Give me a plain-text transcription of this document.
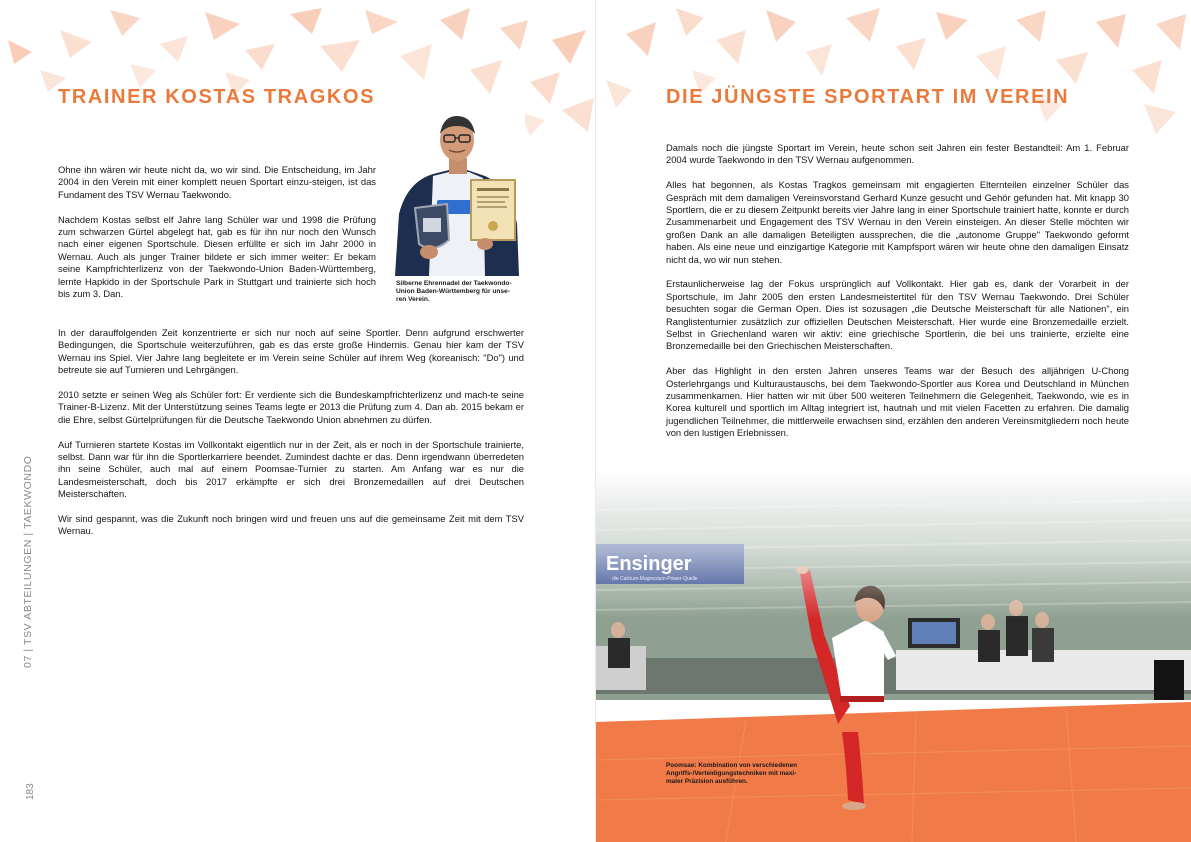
TRAINER KOSTAS TRAGKOS

Ohne ihn wären wir heute nicht da, wo wir sind. Die Entscheidung, im Jahr 2004 in den Verein mit einer komplett neuen Sportart einzu-steigen, ist das Fundament des TSV Wernau Taekwondo.

Nachdem Kostas selbst elf Jahre lang Schüler war und 1998 die Prüfung zum schwarzen Gürtel abgelegt hat, gab es für ihn nur noch den Wunsch nach einer eigenen Sportschule. Diesen erfüllte er sich im Jahr 2000 in Wernau. Auch als junger Trainer bildete er sich immer weiter: Er bekam seine Kampfrichterlizenz von der Taekwondo-Union Baden-Württemberg, lernte Hapkido in der Sportschule Park in Stuttgart und trainierte sich hoch bis zum 3. Dan.

Silberne Ehrennadel der Taekwondo-Union Baden-Württemberg für unse-ren Verein.

In der darauffolgenden Zeit konzentrierte er sich nur noch auf seine Sportler. Denn aufgrund erschwerter Bedingungen, die Sportschule weiterzuführen, gab es das erste große Hindernis. Genau hier kam der TSV Wernau ins Spiel. Vier Jahre lang begleitete er im Verein seine Schüler auf ihrem Weg (koreanisch: "Do") und betreute sie auf Turnieren und Lehrgängen.

2010 setzte er seinen Weg als Schüler fort: Er verdiente sich die Bundeskampfrichterlizenz und mach-te seine Trainer-B-Lizenz. Mit der Unterstützung seines Teams legte er 2013 die Prüfung zum 4. Dan ab. 2015 bekam er die Ehre, selbst Gürtelprüfungen für die Deutsche Taekwondo Union abnehmen zu dürfen.

Auf Turnieren startete Kostas im Vollkontakt eigentlich nur in der Zeit, als er noch in der Sportschule trainierte, selbst. Dann war für ihn die Sportlerkarriere beendet. Zumindest dachte er das. Denn irgendwann überredeten ihn seine Schüler, auch mal auf einem Poomsae-Turnier zu starten. Am Anfang war es nur die Landesmeisterschaft, doch bis 2017 erkämpfte er sich drei Bronzemedaillen auf drei Deutschen Meisterschaften.

Wir sind gespannt, was die Zukunft noch bringen wird und freuen uns auf die gemeinsame Zeit mit dem TSV Wernau.

07 | TSV ABTEILUNGEN | TAEKWONDO
183
DIE JÜNGSTE SPORTART IM VEREIN

Damals noch die jüngste Sportart im Verein, heute schon seit Jahren ein fester Bestandteil: Am 1. Februar 2004 wurde Taekwondo in den TSV Wernau aufgenommen.

Alles hat begonnen, als Kostas Tragkos gemeinsam mit engagierten Elternteilen einzelner Schüler das Gespräch mit dem damaligen Vereinsvorstand Gerhard Kunze gesucht und Gehör gefunden hat. Mit knapp 30 Sportlern, die er zu diesem Zeitpunkt bereits vier Jahre lang in einer Sportschule trainiert hatte, konnte er durch Zusammenarbeit und Engagement des TSV Wernau in den Verein einsteigen. An dieser Stelle möchten wir großen Dank an alle damaligen Beteiligten aussprechen, die die „autonome Gruppe" Taekwondo geformt haben. Als eine neue und einzigartige Kategorie mit Kampfsport wären wir heute ohne den damaligen Einsatz nicht da, wo wir nun stehen.

Erstaunlicherweise lag der Fokus ursprünglich auf Vollkontakt. Hier gab es, dank der Vorarbeit in der Sportschule, im Jahr 2005 den ersten Landesmeistertitel für den TSV Wernau Taekwondo. Drei Schüler besuchten sogar die German Open. Dies ist sozusagen „die Deutsche Meisterschaft für alle Nationen", ein Ranglistenturnier zusätzlich zur offiziellen Deutschen Meisterschaft. Hier wurde eine Bronzemedaille erzielt. Selbst in Griechenland waren wir aktiv: eine griechische Sportlerin, die bei uns trainierte, erzielte eine Bronzemedaille bei den Griechischen Meisterschaften.

Aber das Highlight in den ersten Jahren unseres Teams war der Besuch des alljährigen U-Chong Osterlehrgangs und Kulturaustauschs, bei dem Taekwondo-Sportler aus Korea und Deutschland in München zusammenkamen. Hier hatten wir mit über 500 weiteren Teilnehmern die Gelegenheit, Taekwondo, wie es in Korea kulturell und sportlich im Alltag integriert ist, hautnah und mit vielen Facetten zu erfahren. Die damalig jugendlichen Teilnehmer, die mittlerweile erwachsen sind, erzählen den anderen Vereinsmitgliedern noch heute von den lustigen Erlebnissen.

Poomsae: Kombination von verschiedenen Angriffs-/Verteidigungstechniken mit maxi-maler Präzision ausführen.
